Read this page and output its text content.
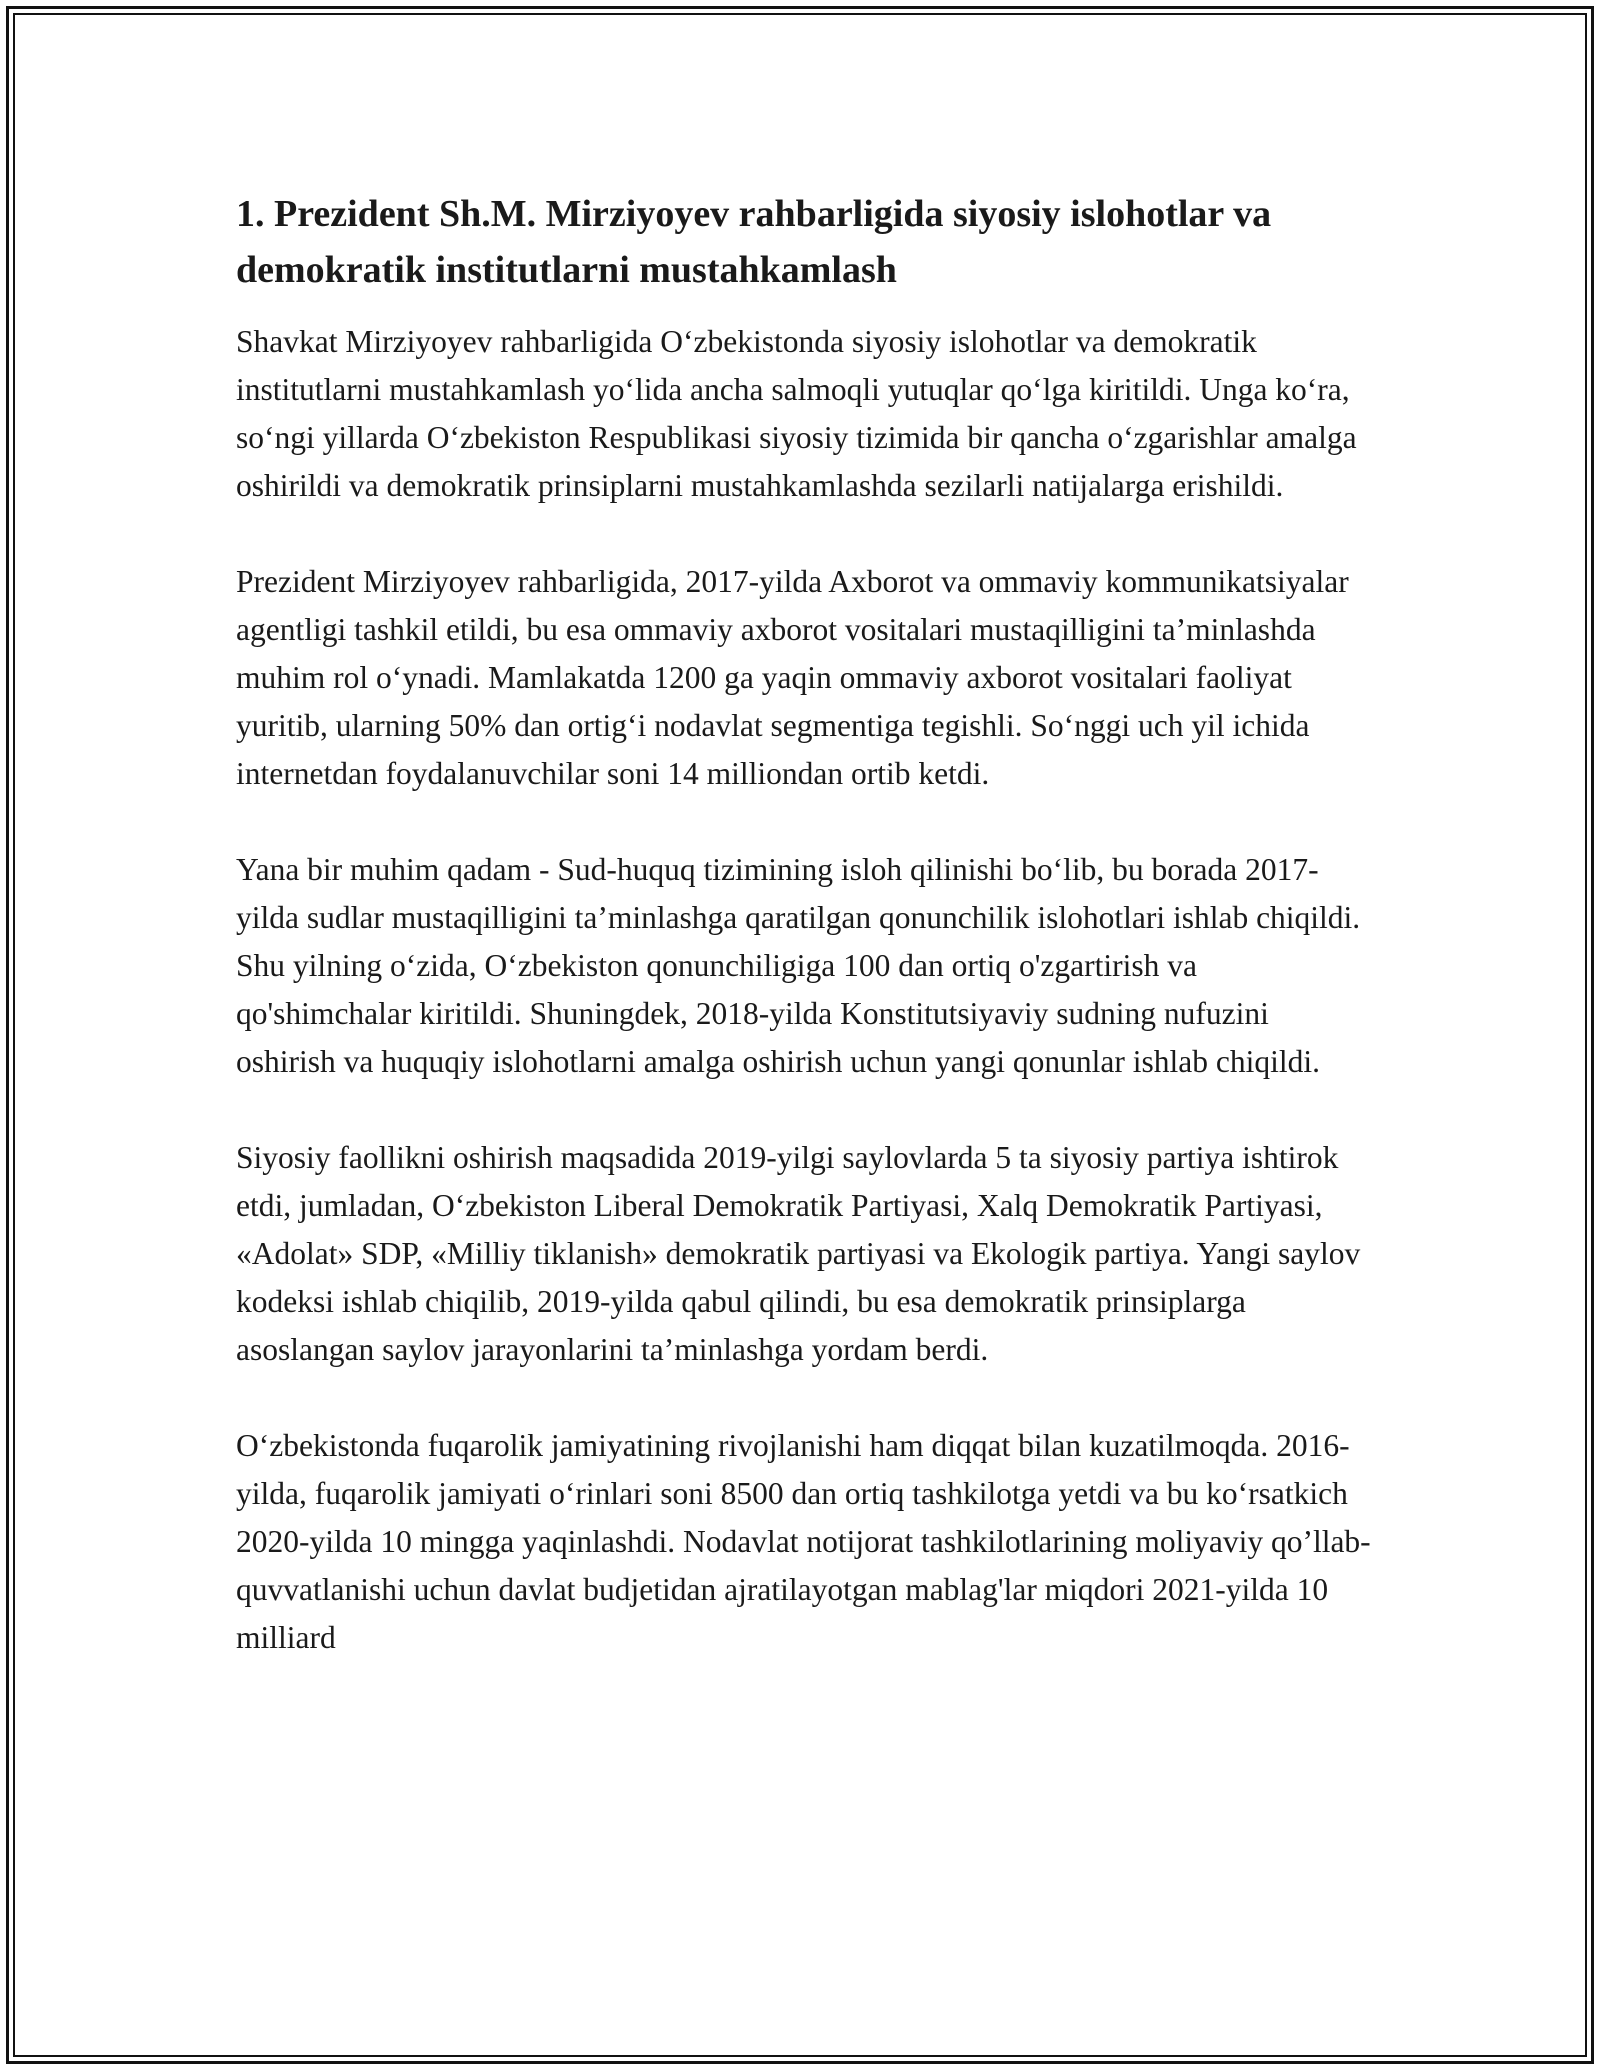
1. Prezident Sh.M. Mirziyoyev rahbarligida siyosiy islohotlar va demokratik institutlarni mustahkamlash

Shavkat Mirziyoyev rahbarligida O‘zbekistonda siyosiy islohotlar va demokratik institutlarni mustahkamlash yo‘lida ancha salmoqli yutuqlar qo‘lga kiritildi. Unga ko‘ra, so‘ngi yillarda O‘zbekiston Respublikasi siyosiy tizimida bir qancha o‘zgarishlar amalga oshirildi va demokratik prinsiplarni mustahkamlashda sezilarli natijalarga erishildi.

Prezident Mirziyoyev rahbarligida, 2017-yilda Axborot va ommaviy kommunikatsiyalar agentligi tashkil etildi, bu esa ommaviy axborot vositalari mustaqilligini ta’minlashda muhim rol o‘ynadi. Mamlakatda 1200 ga yaqin ommaviy axborot vositalari faoliyat yuritib, ularning 50% dan ortig‘i nodavlat segmentiga tegishli. So‘nggi uch yil ichida internetdan foydalanuvchilar soni 14 milliondan ortib ketdi.

Yana bir muhim qadam - Sud-huquq tizimining isloh qilinishi bo‘lib, bu borada 2017-yilda sudlar mustaqilligini ta’minlashga qaratilgan qonunchilik islohotlari ishlab chiqildi. Shu yilning o‘zida, O‘zbekiston qonunchiligiga 100 dan ortiq o'zgartirish va qo'shimchalar kiritildi. Shuningdek, 2018-yilda Konstitutsiyaviy sudning nufuzini oshirish va huquqiy islohotlarni amalga oshirish uchun yangi qonunlar ishlab chiqildi.

Siyosiy faollikni oshirish maqsadida 2019-yilgi saylovlarda 5 ta siyosiy partiya ishtirok etdi, jumladan, O‘zbekiston Liberal Demokratik Partiyasi, Xalq Demokratik Partiyasi, «Adolat» SDP, «Milliy tiklanish» demokratik partiyasi va Ekologik partiya. Yangi saylov kodeksi ishlab chiqilib, 2019-yilda qabul qilindi, bu esa demokratik prinsiplarga asoslangan saylov jarayonlarini ta’minlashga yordam berdi.

O‘zbekistonda fuqarolik jamiyatining rivojlanishi ham diqqat bilan kuzatilmoqda. 2016-yilda, fuqarolik jamiyati o‘rinlari soni 8500 dan ortiq tashkilotga yetdi va bu ko‘rsatkich 2020-yilda 10 mingga yaqinlashdi. Nodavlat notijorat tashkilotlarining moliyaviy qo’llab-quvvatlanishi uchun davlat budjetidan ajratilayotgan mablag'lar miqdori 2021-yilda 10 milliard
